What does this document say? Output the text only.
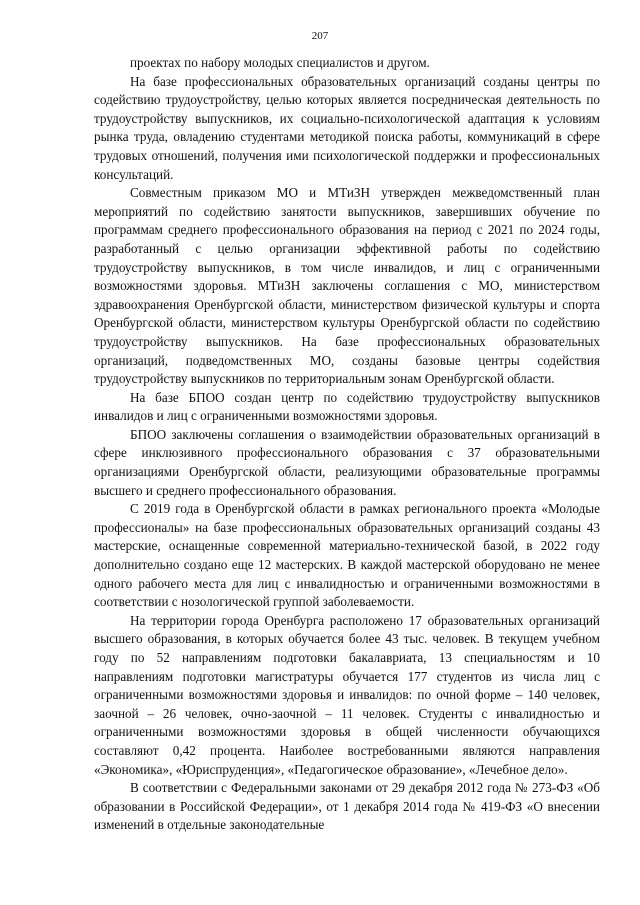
207

проектах по набору молодых специалистов и другом.

На базе профессиональных образовательных организаций созданы центры по содействию трудоустройству, целью которых является посредническая деятельность по трудоустройству выпускников, их социально-психологической адаптация к условиям рынка труда, овладению студентами методикой поиска работы, коммуникаций в сфере трудовых отношений, получения ими психологической поддержки и профессиональных консультаций.

Совместным приказом МО и МТиЗН утвержден межведомственный план мероприятий по содействию занятости выпускников, завершивших обучение по программам среднего профессионального образования на период с 2021 по 2024 годы, разработанный с целью организации эффективной работы по содействию трудоустройству выпускников, в том числе инвалидов, и лиц с ограниченными возможностями здоровья. МТиЗН заключены соглашения с МО, министерством здравоохранения Оренбургской области, министерством физической культуры и спорта Оренбургской области, министерством культуры Оренбургской области по содействию трудоустройству выпускников. На базе профессиональных образовательных организаций, подведомственных МО, созданы базовые центры содействия трудоустройству выпускников по территориальным зонам Оренбургской области.

На базе БПОО создан центр по содействию трудоустройству выпускников инвалидов и лиц с ограниченными возможностями здоровья.

БПОО заключены соглашения о взаимодействии образовательных организаций в сфере инклюзивного профессионального образования с 37 образовательными организациями Оренбургской области, реализующими образовательные программы высшего и среднего профессионального образования.

С 2019 года в Оренбургской области в рамках регионального проекта «Молодые профессионалы» на базе профессиональных образовательных организаций созданы 43 мастерские, оснащенные современной материально-технической базой, в 2022 году дополнительно создано еще 12 мастерских. В каждой мастерской оборудовано не менее одного рабочего места для лиц с инвалидностью и ограниченными возможностями в соответствии с нозологической группой заболеваемости.

На территории города Оренбурга расположено 17 образовательных организаций высшего образования, в которых обучается более 43 тыс. человек. В текущем учебном году по 52 направлениям подготовки бакалавриата, 13 специальностям и 10 направлениям подготовки магистратуры обучается 177 студентов из числа лиц с ограниченными возможностями здоровья и инвалидов: по очной форме – 140 человек, заочной – 26 человек, очно-заочной – 11 человек. Студенты с инвалидностью и ограниченными возможностями здоровья в общей численности обучающихся составляют 0,42 процента. Наиболее востребованными являются направления «Экономика», «Юриспруденция», «Педагогическое образование», «Лечебное дело».

В соответствии с Федеральными законами от 29 декабря 2012 года № 273-ФЗ «Об образовании в Российской Федерации», от 1 декабря 2014 года № 419-ФЗ «О внесении изменений в отдельные законодательные
